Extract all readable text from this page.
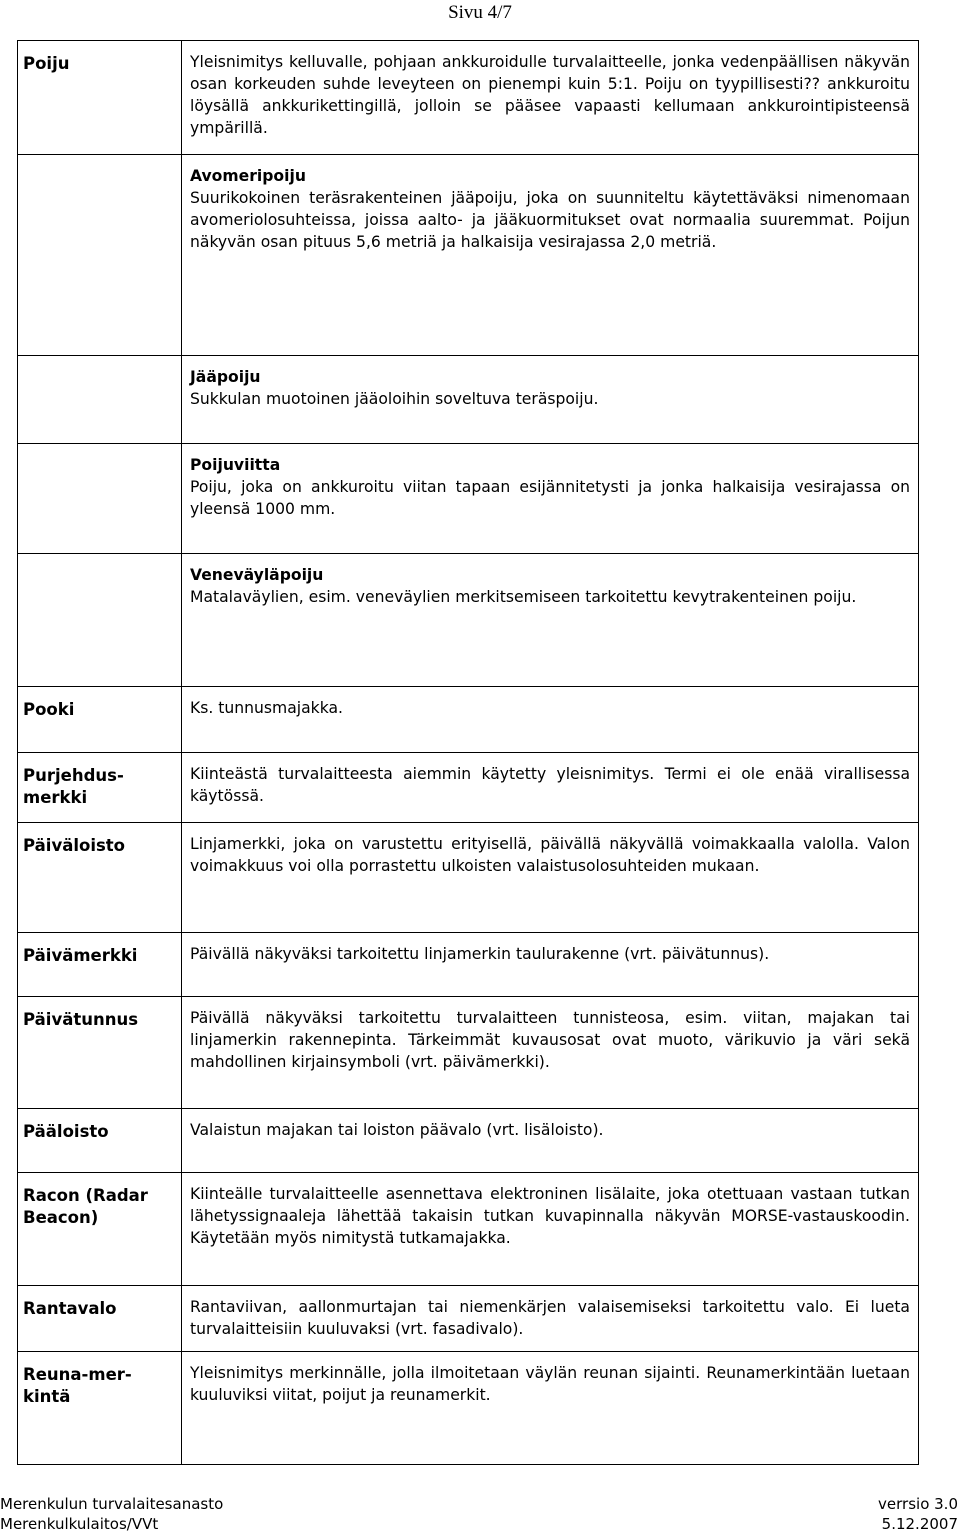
Sivu 4/7
Poiju	Yleisnimitys kelluvalle, pohjaan ankkuroidulle turvalaitteelle, jonka vedenpäällisen näkyvän osan korkeuden suhde leveyteen on pienempi kuin 5:1. Poiju on tyypillisesti?? ankkuroitu löysällä ankkurikettingillä, jolloin se pääsee vapaasti kellumaan ankkurointipisteensä ympärillä.

	Avomeripoiju
Suurikokoinen teräsrakenteinen jääpoiju, joka on suunniteltu käytettäväksi nimenomaan avomeriolosuhteissa, joissa aalto- ja jääkuormitukset ovat normaalia suuremmat. Poijun näkyvän osan pituus 5,6 metriä ja halkaisija vesirajassa 2,0 metriä.

	Jääpoiju
Sukkulan muotoinen jääoloihin soveltuva teräspoiju.

	Poijuviitta
Poiju, joka on ankkuroitu viitan tapaan esijännitetysti ja jonka halkaisija vesirajassa on yleensä 1000 mm.

	Veneväyläpoiju
Matalaväylien, esim. veneväylien merkitsemiseen tarkoitettu kevytrakenteinen poiju.

Pooki	Ks. tunnusmajakka.

Purjehdus-
merkki	Kiinteästä turvalaitteesta aiemmin käytetty yleisnimitys. Termi ei ole enää virallisessa käytössä.

Päiväloisto	Linjamerkki, joka on varustettu erityisellä, päivällä näkyvällä voimakkaalla valolla. Valon voimakkuus voi olla porrastettu ulkoisten valaistusolosuhteiden mukaan.

Päivämerkki	Päivällä näkyväksi tarkoitettu linjamerkin taulurakenne (vrt. päivätunnus).

Päivätunnus	Päivällä näkyväksi tarkoitettu turvalaitteen tunnisteosa, esim. viitan, majakan tai linjamerkin rakennepinta. Tärkeimmät kuvausosat ovat muoto, värikuvio ja väri sekä mahdollinen kirjainsymboli (vrt. päivämerkki).

Pääloisto	Valaistun majakan tai loiston päävalo (vrt. lisäloisto).

Racon (Radar
Beacon)	Kiinteälle turvalaitteelle asennettava elektroninen lisälaite, joka otettuaan vastaan tutkan lähetyssignaaleja lähettää takaisin tutkan kuvapinnalla näkyvän MORSE-vastauskoodin. Käytetään myös nimitystä tutkamajakka.

Rantavalo	Rantaviivan, aallonmurtajan tai niemenkärjen valaisemiseksi tarkoitettu valo. Ei lueta turvalaitteisiin kuuluvaksi (vrt. fasadivalo).

Reuna-mer-
kintä	Yleisnimitys merkinnälle, jolla ilmoitetaan väylän reunan sijainti. Reunamerkintään luetaan kuuluviksi viitat, poijut ja reunamerkit.
Merenkulun turvalaitesanasto	verrsio 3.0
Merenkulkulaitos/VVt	5.12.2007
